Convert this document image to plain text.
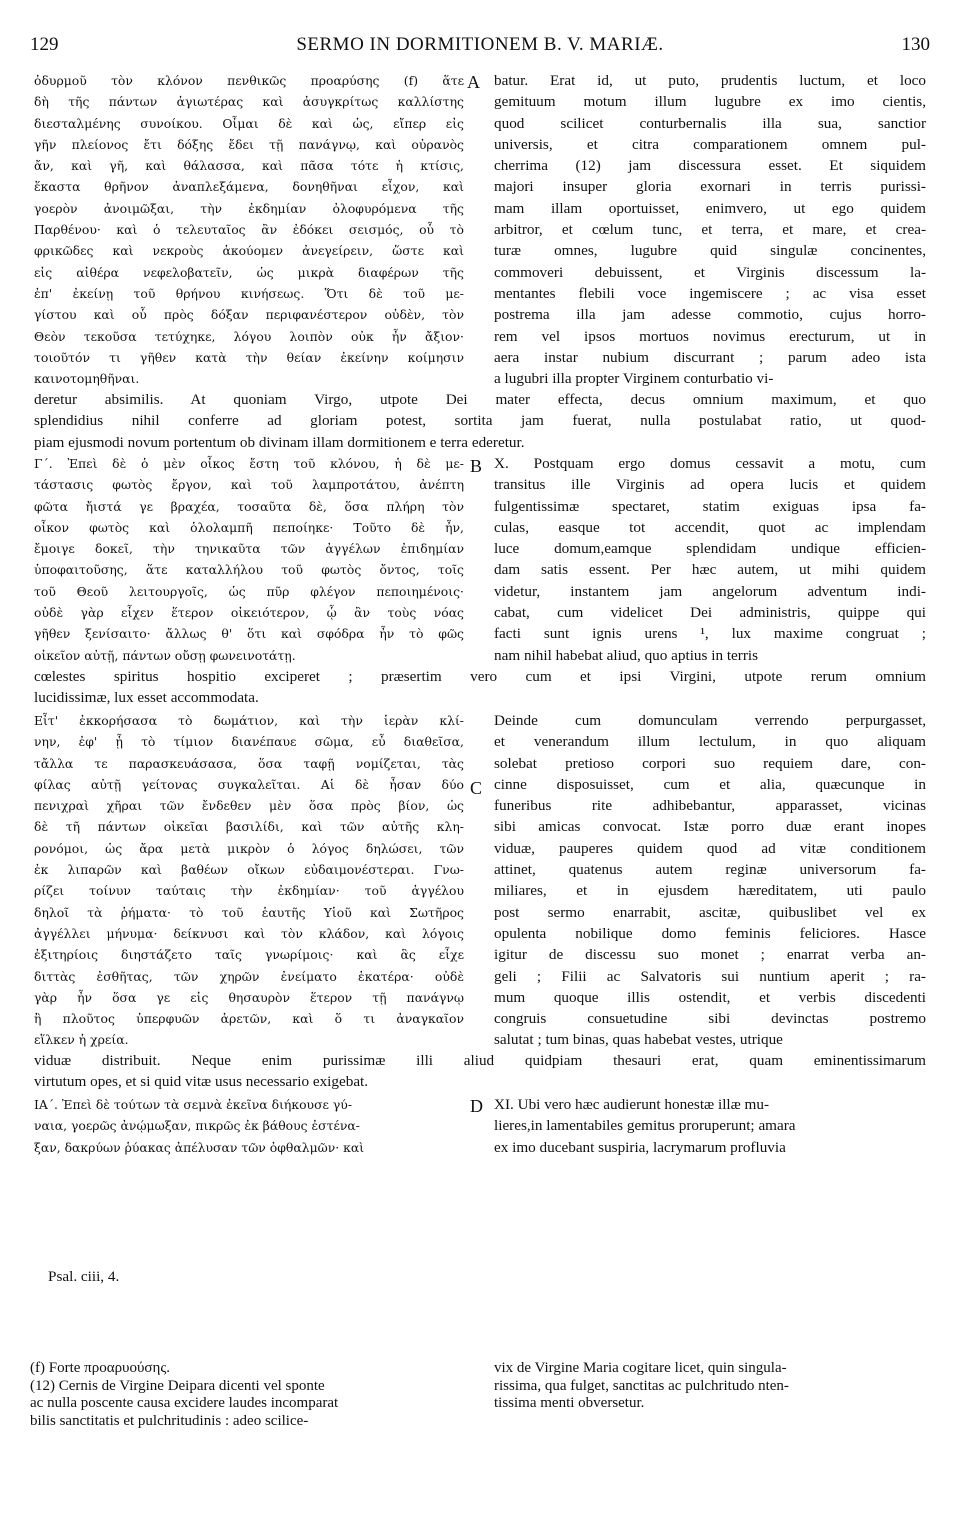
129	SERMO IN DORMITIONEM B. V. MARIÆ.	130
ὀδυρμοῦ τὸν κλόνον πενθικῶς προαρύσης (f) ἅτε
δὴ τῆς πάντων ἁγιωτέρας καὶ ἀσυγκρίτως καλλίστης
διεσταλμένης συνοίκου. Οἶμαι δὲ καὶ ὡς, εἴπερ εἰς
γῆν πλείονος ἔτι δόξης ἔδει τῇ πανάγνῳ, καὶ οὐρανὸς
ἄν, καὶ γῆ, καὶ θάλασσα, καὶ πᾶσα τότε ἡ κτίσις,
ἕκαστα θρῆνον ἀναπλεξάμενα, δονηθῆναι εἶχον, καὶ
γοερὸν ἀνοιμῶξαι, τὴν ἐκδημίαν ὀλοφυρόμενα τῆς
Παρθένου· καὶ ὁ τελευταῖος ἂν ἐδόκει σεισμός, οὗ τὸ
φρικῶδες καὶ νεκροὺς ἀκούομεν ἀνεγείρειν, ὥστε καὶ
εἰς αἰθέρα νεφελοβατεῖν, ὡς μικρὰ διαφέρων τῆς
ἐπ' ἐκείνῃ τοῦ θρήνου κινήσεως. Ὅτι δὲ τοῦ με-
γίστου καὶ οὗ πρὸς δόξαν περιφανέστερον οὐδὲν, τὸν
Θεὸν τεκοῦσα τετύχηκε, λόγου λοιπὸν οὐκ ἦν ἄξιον·
τοιοῦτόν τι γῆθεν κατὰ τὴν θείαν ἐκείνην κοίμησιν
καινοτομηθῆναι.
batur. Erat id, ut puto, prudentis luctum, et loco
gemituum motum illum lugubre ex imo cientis,
quod scilicet conturbernalis illa sua, sanctior
universis, et citra comparationem omnem pul-
cherrima (12) jam discessura esset. Et siquidem
majori insuper gloria exornari in terris purissi-
mam illam oportuisset, enimvero, ut ego quidem
arbitror, et cœlum tunc, et terra, et mare, et crea-
turæ omnes, lugubre quid singulæ concinentes,
commoveri debuissent, et Virginis discessum la-
mentantes flebili voce ingemiscere ; ac visa esset
postrema illa jam adesse commotio, cujus horro-
rem vel ipsos mortuos novimus erecturum, ut in
aera instar nubium discurrant ; parum adeo ista
a lugubri illa propter Virginem conturbatio vi-
deretur absimilis. At quoniam Virgo, utpote Dei mater effecta, decus omnium maximum, et quo
splendidius nihil conferre ad gloriam potest, sortita jam fuerat, nulla postulabat ratio, ut quod-
piam ejusmodi novum portentum ob divinam illam dormitionem e terra ederetur.
A
Γ΄. Ἐπεὶ δὲ ὁ μὲν οἶκος ἔστη τοῦ κλόνου, ἡ δὲ με-
τάστασις φωτὸς ἔργον, καὶ τοῦ λαμπροτάτου, ἀνέπτη
φῶτα ἤιστά γε βραχέα, τοσαῦτα δὲ, ὅσα πλήρη τὸν
οἶκον φωτὸς καὶ ὁλολαμπῆ πεποίηκε· Τοῦτο δὲ ἦν,
ἔμοιγε δοκεῖ, τὴν τηνικαῦτα τῶν ἀγγέλων ἐπιδημίαν
ὑποφαιτοῦσης, ἅτε καταλλήλου τοῦ φωτὸς ὄντος, τοῖς
τοῦ Θεοῦ λειτουργοῖς, ὡς πῦρ φλέγον πεποιημένοις·
οὐδὲ γὰρ εἶχεν ἕτερον οἰκειότερον, ᾧ ἂν τοὺς νόας
γῆθεν ξενίσαιτο· ἄλλως θ' ὅτι καὶ σφόδρα ἦν τὸ φῶς
οἰκεῖον αὐτῇ, πάντων οὔσῃ φωνεινοτάτῃ.
X. Postquam ergo domus cessavit a motu, cum
transitus ille Virginis ad opera lucis et quidem
fulgentissimæ spectaret, statim exiguas ipsa fa-
culas, easque tot accendit, quot ac implendam
luce domum,eamque splendidam undique efficien-
dam satis essent. Per hæc autem, ut mihi quidem
videtur, instantem jam angelorum adventum indi-
cabat, cum videlicet Dei administris, quippe qui
facti sunt ignis urens ¹, lux maxime congruat ;
nam nihil habebat aliud, quo aptius in terris
cœlestes spiritus hospitio exciperet ; præsertim vero cum et ipsi Virgini, utpote rerum omnium
lucidissimæ, lux esset accommodata.
B
Εἶτ' ἐκκορήσασα τὸ δωμάτιον, καὶ τὴν ἱερὰν κλί-
νην, ἐφ' ᾗ τὸ τίμιον διανέπαυε σῶμα, εὖ διαθεῖσα,
τἄλλα τε παρασκευάσασα, ὅσα ταφῇ νομίζεται, τὰς
φίλας αὐτῇ γείτονας συγκαλεῖται. Αἱ δὲ ἦσαν δύο
πενιχραὶ χῆραι τῶν ἔνδεθεν μὲν ὅσα πρὸς βίον, ὡς
δὲ τῆ πάντων οἰκεῖαι βασιλίδι, καὶ τῶν αὐτῆς κλη-
ρονόμοι, ὡς ἄρα μετὰ μικρὸν ὁ λόγος δηλώσει, τῶν
ἐκ λιπαρῶν καὶ βαθέων οἴκων εὐδαιμονέστεραι. Γνω-
ρίζει τοίνυν ταύταις τὴν ἐκδημίαν· τοῦ ἀγγέλου
δηλοῖ τὰ ῥήματα· τὸ τοῦ ἑαυτῆς Υἱοῦ καὶ Σωτῆρος
ἀγγέλλει μήνυμα· δείκνυσι καὶ τὸν κλάδον, καὶ λόγοις
ἐξιτηρίοις διηστάζετο ταῖς γνωρίμοις· καὶ ἃς εἶχε
διττὰς ἐσθῆτας, τῶν χηρῶν ἐνείματο ἑκατέρα· οὐδὲ
γὰρ ἦν ὅσα γε εἰς θησαυρὸν ἕτερον τῇ πανάγνῳ
ἢ πλοῦτος ὑπερφυῶν ἀρετῶν, καὶ ὅ τι ἀναγκαῖον
εἵλκεν ἡ χρεία.
Deinde cum domunculam verrendo perpurgasset,
et venerandum illum lectulum, in quo aliquam
solebat pretioso corpori suo requiem dare, con-
cinne disposuisset, cum et alia, quæcunque in
funeribus rite adhibebantur, apparasset, vicinas
sibi amicas convocat. Istæ porro duæ erant inopes
viduæ, pauperes quidem quod ad vitæ conditionem
attinet, quatenus autem reginæ universorum fa-
miliares, et in ejusdem hæreditatem, uti paulo
post sermo enarrabit, ascitæ, quibuslibet vel ex
opulenta nobilique domo feminis feliciores. Hasce
igitur de discessu suo monet ; enarrat verba an-
geli ; Filii ac Salvatoris sui nuntium aperit ; ra-
mum quoque illis ostendit, et verbis discedenti
congruis consuetudine sibi devinctas postremo
salutat ; tum binas, quas habebat vestes, utrique
viduæ distribuit. Neque enim purissimæ illi aliud quidpiam thesauri erat, quam eminentissimarum
virtutum opes, et si quid vitæ usus necessario exigebat.
C
ΙΑ΄. Ἐπεὶ δὲ τούτων τὰ σεμνὰ ἐκεῖνα διήκουσε γύ-
ναια, γοερῶς ἀνῴμωξαν, πικρῶς ἐκ βάθους ἐστένα-
ξαν, δακρύων ῥύακας ἀπέλυσαν τῶν ὀφθαλμῶν· καὶ
XI. Ubi vero hæc audierunt honestæ illæ mu-
lieres,in lamentabiles gemitus proruperunt; amara
ex imo ducebant suspiria, lacrymarum profluvia
D
Psal. ciii, 4.
(f) Forte προαρυούσης.
(12) Cernis de Virgine Deipara dicenti vel sponte
ac nulla poscente causa excidere laudes incomparat
bilis sanctitatis et pulchritudinis : adeo scilice-
vix de Virgine Maria cogitare licet, quin singula-
rissima, qua fulget, sanctitas ac pulchritudo nten-
tissima menti obversetur.
